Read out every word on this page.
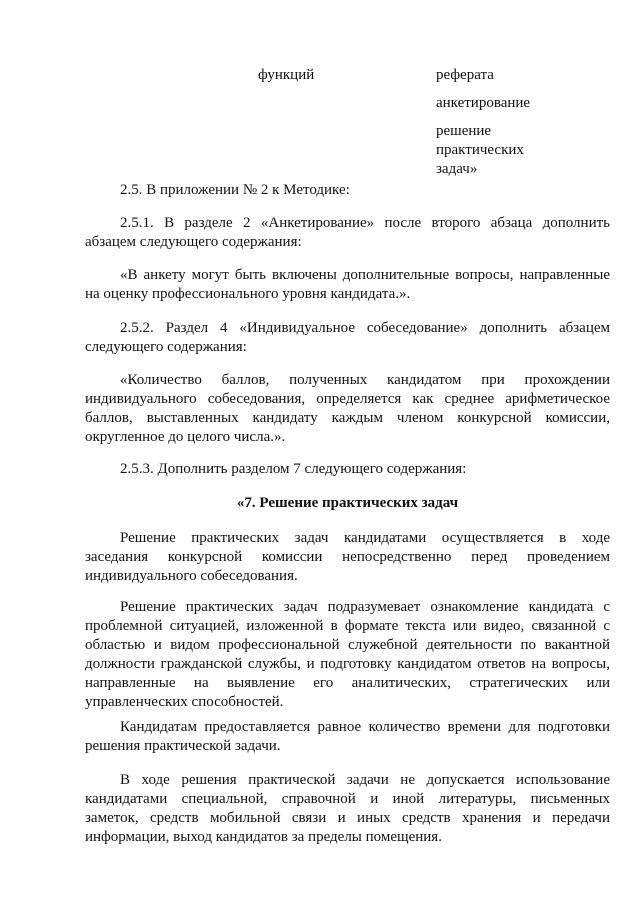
функций	реферата
анкетирование
решение
практических
задач»
2.5. В приложении № 2 к Методике:
2.5.1. В разделе 2 «Анкетирование» после второго абзаца дополнить
абзацем следующего содержания:
«В анкету могут быть включены дополнительные вопросы, направленные
на оценку профессионального уровня кандидата.».
2.5.2. Раздел 4 «Индивидуальное собеседование» дополнить абзацем
следующего содержания:
«Количество баллов, полученных кандидатом при прохождении
индивидуального собеседования, определяется как среднее арифметическое
баллов, выставленных кандидату каждым членом конкурсной комиссии,
округленное до целого числа.».
2.5.3. Дополнить разделом 7 следующего содержания:
«7. Решение практических задач
Решение практических задач кандидатами осуществляется в ходе
заседания конкурсной комиссии непосредственно перед проведением
индивидуального собеседования.
Решение практических задач подразумевает ознакомление кандидата с
проблемной ситуацией, изложенной в формате текста или видео, связанной с
областью и видом профессиональной служебной деятельности по вакантной
должности гражданской службы, и подготовку кандидатом ответов на вопросы,
направленные на выявление его аналитических, стратегических или
управленческих способностей.
Кандидатам предоставляется равное количество времени для подготовки
решения практической задачи.
В ходе решения практической задачи не допускается использование
кандидатами специальной, справочной и иной литературы, письменных
заметок, средств мобильной связи и иных средств хранения и передачи
информации, выход кандидатов за пределы помещения.
